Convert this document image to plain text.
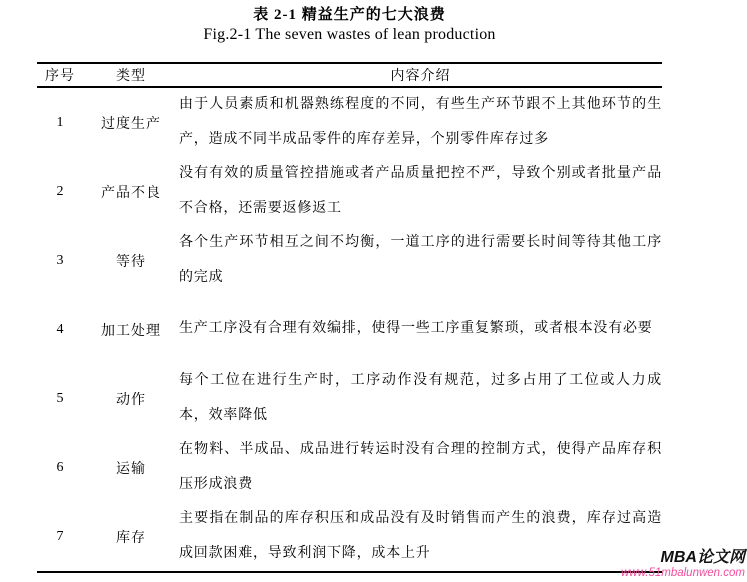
表 2-1 精益生产的七大浪费
Fig.2-1 The seven wastes of lean production
序号	类型	内容介绍
1	过度生产	由于人员素质和机器熟练程度的不同，有些生产环节跟不上其他环节的生产，造成不同半成品零件的库存差异，个别零件库存过多
2	产品不良	没有有效的质量管控措施或者产品质量把控不严，导致个别或者批量产品不合格，还需要返修返工
3	等待	各个生产环节相互之间不均衡，一道工序的进行需要长时间等待其他工序的完成
4	加工处理	生产工序没有合理有效编排，使得一些工序重复繁琐，或者根本没有必要
5	动作	每个工位在进行生产时，工序动作没有规范，过多占用了工位或人力成本，效率降低
6	运输	在物料、半成品、成品进行转运时没有合理的控制方式，使得产品库存积压形成浪费
7	库存	主要指在制品的库存积压和成品没有及时销售而产生的浪费，库存过高造成回款困难，导致利润下降，成本上升	MBA论文网
www.51mbalunwen.com
